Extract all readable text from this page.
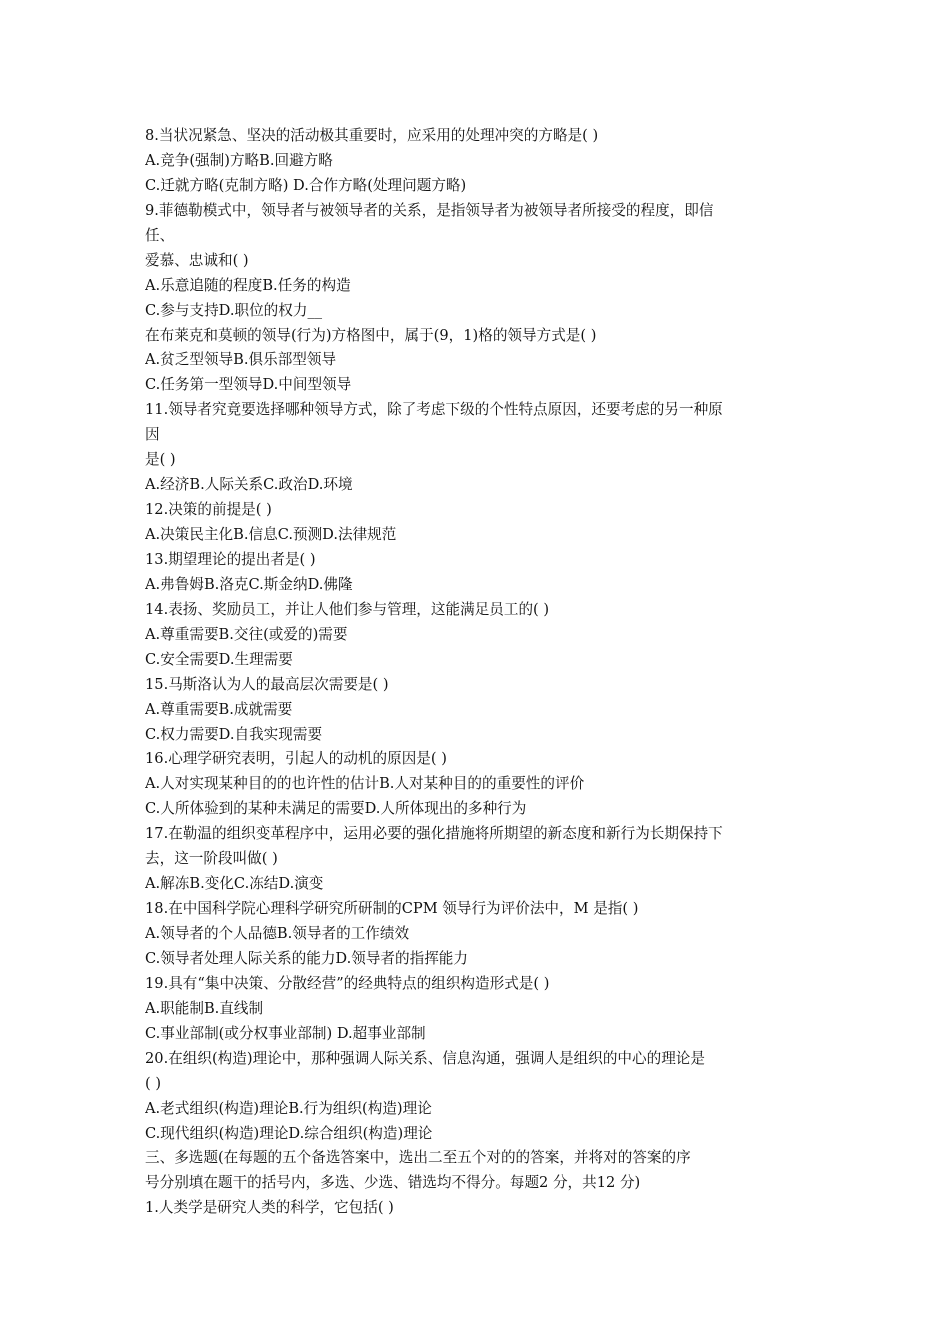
8.当状况紧急、坚决的活动极其重要时，应采用的处理冲突的方略是( )
A.竞争(强制)方略B.回避方略
C.迁就方略(克制方略) D.合作方略(处理问题方略)
9.菲德勒模式中，领导者与被领导者的关系，是指领导者为被领导者所接受的程度，即信
任、
爱慕、忠诚和( )
A.乐意追随的程度B.任务的构造
C.参与支持D.职位的权力__
在布莱克和莫顿的领导(行为)方格图中，属于(9，1)格的领导方式是( )
A.贫乏型领导B.俱乐部型领导
C.任务第一型领导D.中间型领导
11.领导者究竟要选择哪种领导方式，除了考虑下级的个性特点原因，还要考虑的另一种原
因
是( )
A.经济B.人际关系C.政治D.环境
12.决策的前提是( )
A.决策民主化B.信息C.预测D.法律规范
13.期望理论的提出者是( )
A.弗鲁姆B.洛克C.斯金纳D.佛隆
14.表扬、奖励员工，并让人他们参与管理，这能满足员工的( )
A.尊重需要B.交往(或爱的)需要
C.安全需要D.生理需要
15.马斯洛认为人的最高层次需要是( )
A.尊重需要B.成就需要
C.权力需要D.自我实现需要
16.心理学研究表明，引起人的动机的原因是( )
A.人对实现某种目的的也许性的估计B.人对某种目的的重要性的评价
C.人所体验到的某种未满足的需要D.人所体现出的多种行为
17.在勒温的组织变革程序中，运用必要的强化措施将所期望的新态度和新行为长期保持下
去，这一阶段叫做( )
A.解冻B.变化C.冻结D.演变
18.在中国科学院心理科学研究所研制的CPM 领导行为评价法中，M 是指( )
A.领导者的个人品德B.领导者的工作绩效
C.领导者处理人际关系的能力D.领导者的指挥能力
19.具有“集中决策、分散经营”的经典特点的组织构造形式是( )
A.职能制B.直线制
C.事业部制(或分权事业部制) D.超事业部制
20.在组织(构造)理论中，那种强调人际关系、信息沟通，强调人是组织的中心的理论是
( )
A.老式组织(构造)理论B.行为组织(构造)理论
C.现代组织(构造)理论D.综合组织(构造)理论
三、多选题(在每题的五个备选答案中，选出二至五个对的的答案，并将对的答案的序
号分别填在题干的括号内，多选、少选、错选均不得分。每题2 分，共12 分)
1.人类学是研究人类的科学，它包括( )
